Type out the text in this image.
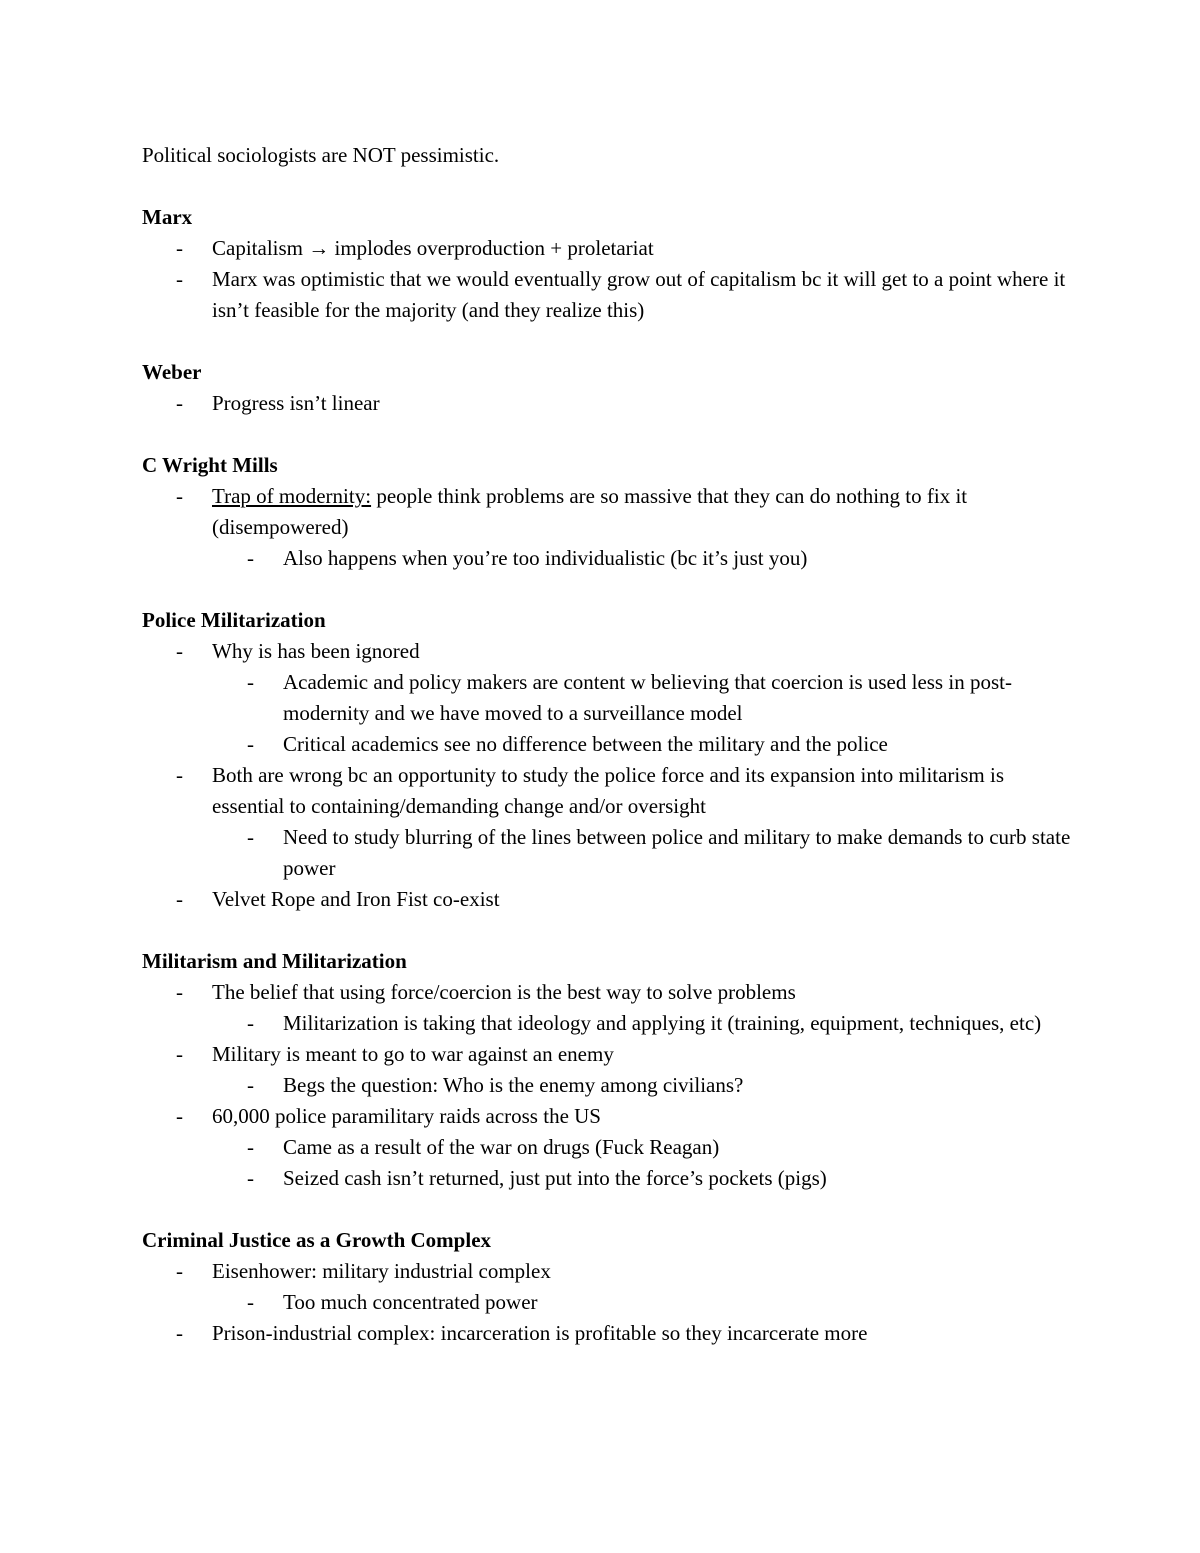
Political sociologists are NOT pessimistic.

Marx

- Capitalism → implodes overproduction + proletariat
- Marx was optimistic that we would eventually grow out of capitalism bc it will get to a point where it isn’t feasible for the majority (and they realize this)

Weber

- Progress isn’t linear

C Wright Mills

- Trap of modernity: people think problems are so massive that they can do nothing to fix it (disempowered)
- Also happens when you’re too individualistic (bc it’s just you)

Police Militarization

- Why is has been ignored
- Academic and policy makers are content w believing that coercion is used less in post-modernity and we have moved to a surveillance model
- Critical academics see no difference between the military and the police
- Both are wrong bc an opportunity to study the police force and its expansion into militarism is essential to containing/demanding change and/or oversight
- Need to study blurring of the lines between police and military to make demands to curb state power
- Velvet Rope and Iron Fist co-exist

Militarism and Militarization

- The belief that using force/coercion is the best way to solve problems
- Militarization is taking that ideology and applying it (training, equipment, techniques, etc)
- Military is meant to go to war against an enemy
- Begs the question: Who is the enemy among civilians?
- 60,000 police paramilitary raids across the US
- Came as a result of the war on drugs (Fuck Reagan)
- Seized cash isn’t returned, just put into the force’s pockets (pigs)

Criminal Justice as a Growth Complex

- Eisenhower: military industrial complex
- Too much concentrated power
- Prison-industrial complex: incarceration is profitable so they incarcerate more
